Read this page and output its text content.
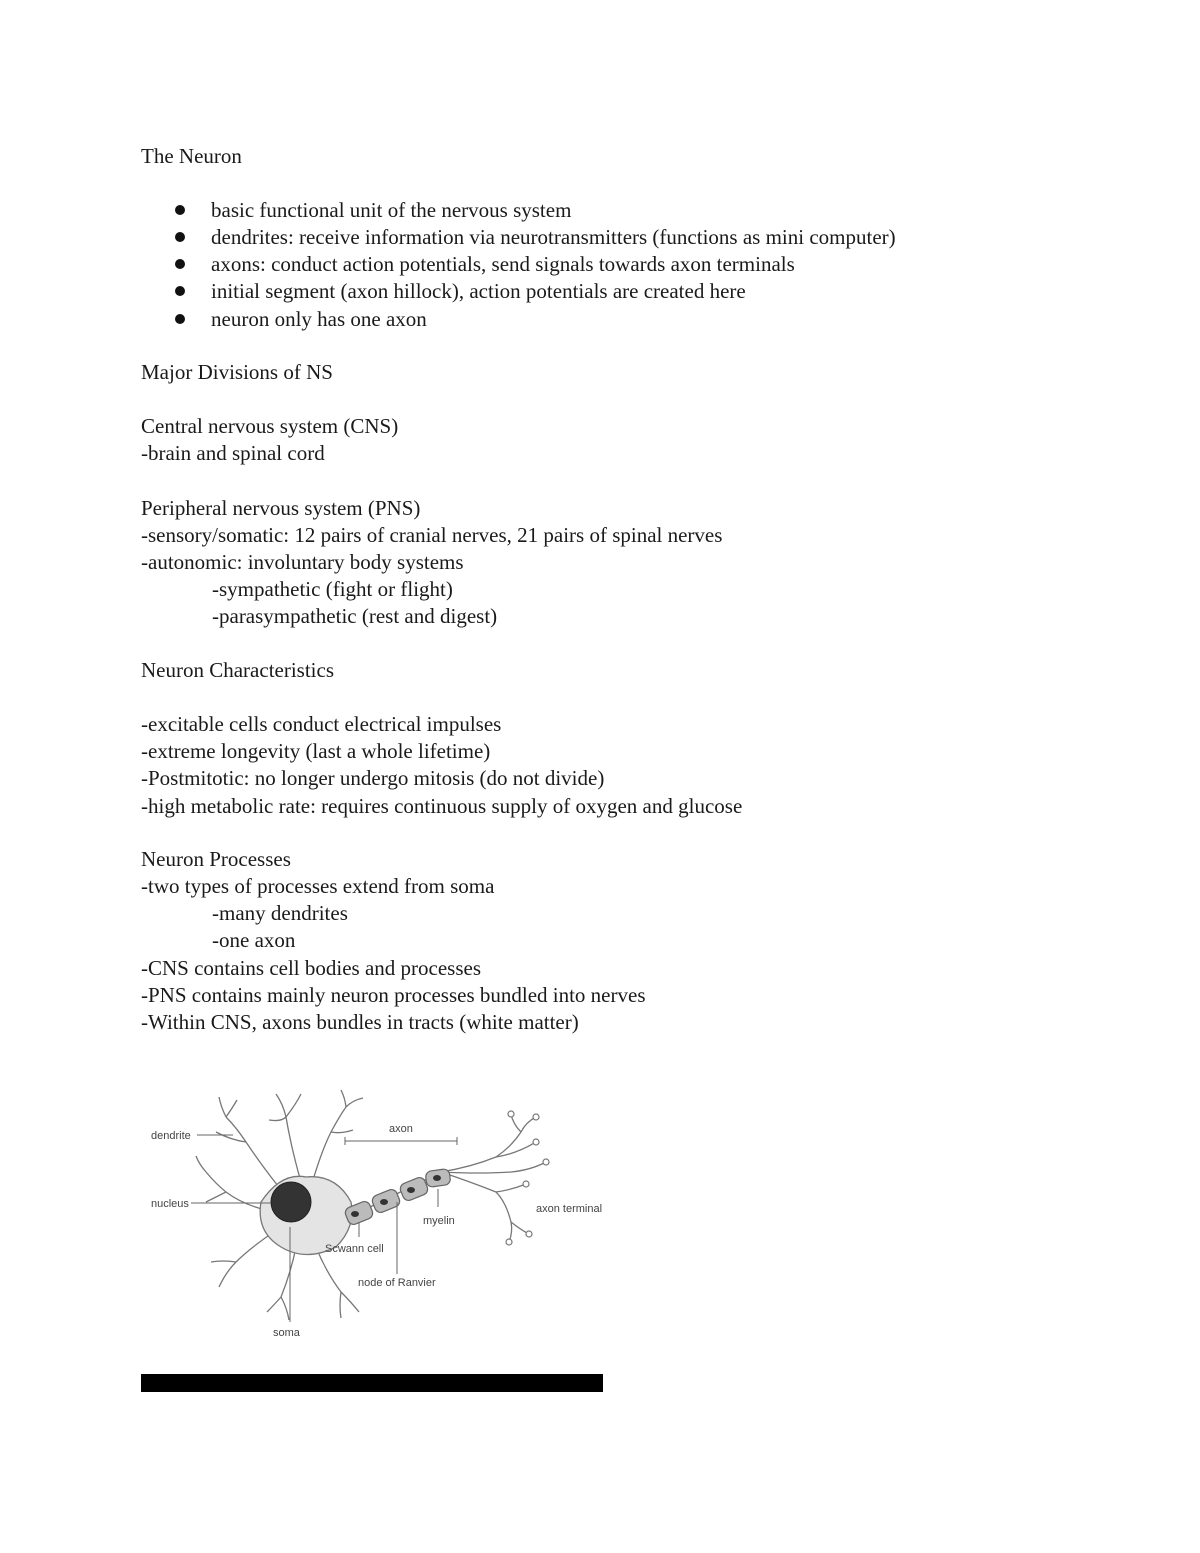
The Neuron
basic functional unit of the nervous system
dendrites: receive information via neurotransmitters (functions as mini computer)
axons: conduct action potentials, send signals towards axon terminals
initial segment (axon hillock), action potentials are created here
neuron only has one axon
Major Divisions of NS
Central nervous system (CNS)
-brain and spinal cord
Peripheral nervous system (PNS)
-sensory/somatic: 12 pairs of cranial nerves, 21 pairs of spinal nerves
-autonomic: involuntary body systems
-sympathetic (fight or flight)
-parasympathetic (rest and digest)
Neuron Characteristics
-excitable cells conduct electrical impulses
-extreme longevity (last a whole lifetime)
-Postmitotic: no longer undergo mitosis (do not divide)
-high metabolic rate: requires continuous supply of oxygen and glucose
Neuron Processes
-two types of processes extend from soma
-many dendrites
-one axon
-CNS contains cell bodies and processes
-PNS contains mainly neuron processes bundled into nerves
-Within CNS, axons bundles in tracts (white matter)
dendrite
nucleus
axon
axon terminal
myelin
Scwann cell
node of Ranvier
soma
